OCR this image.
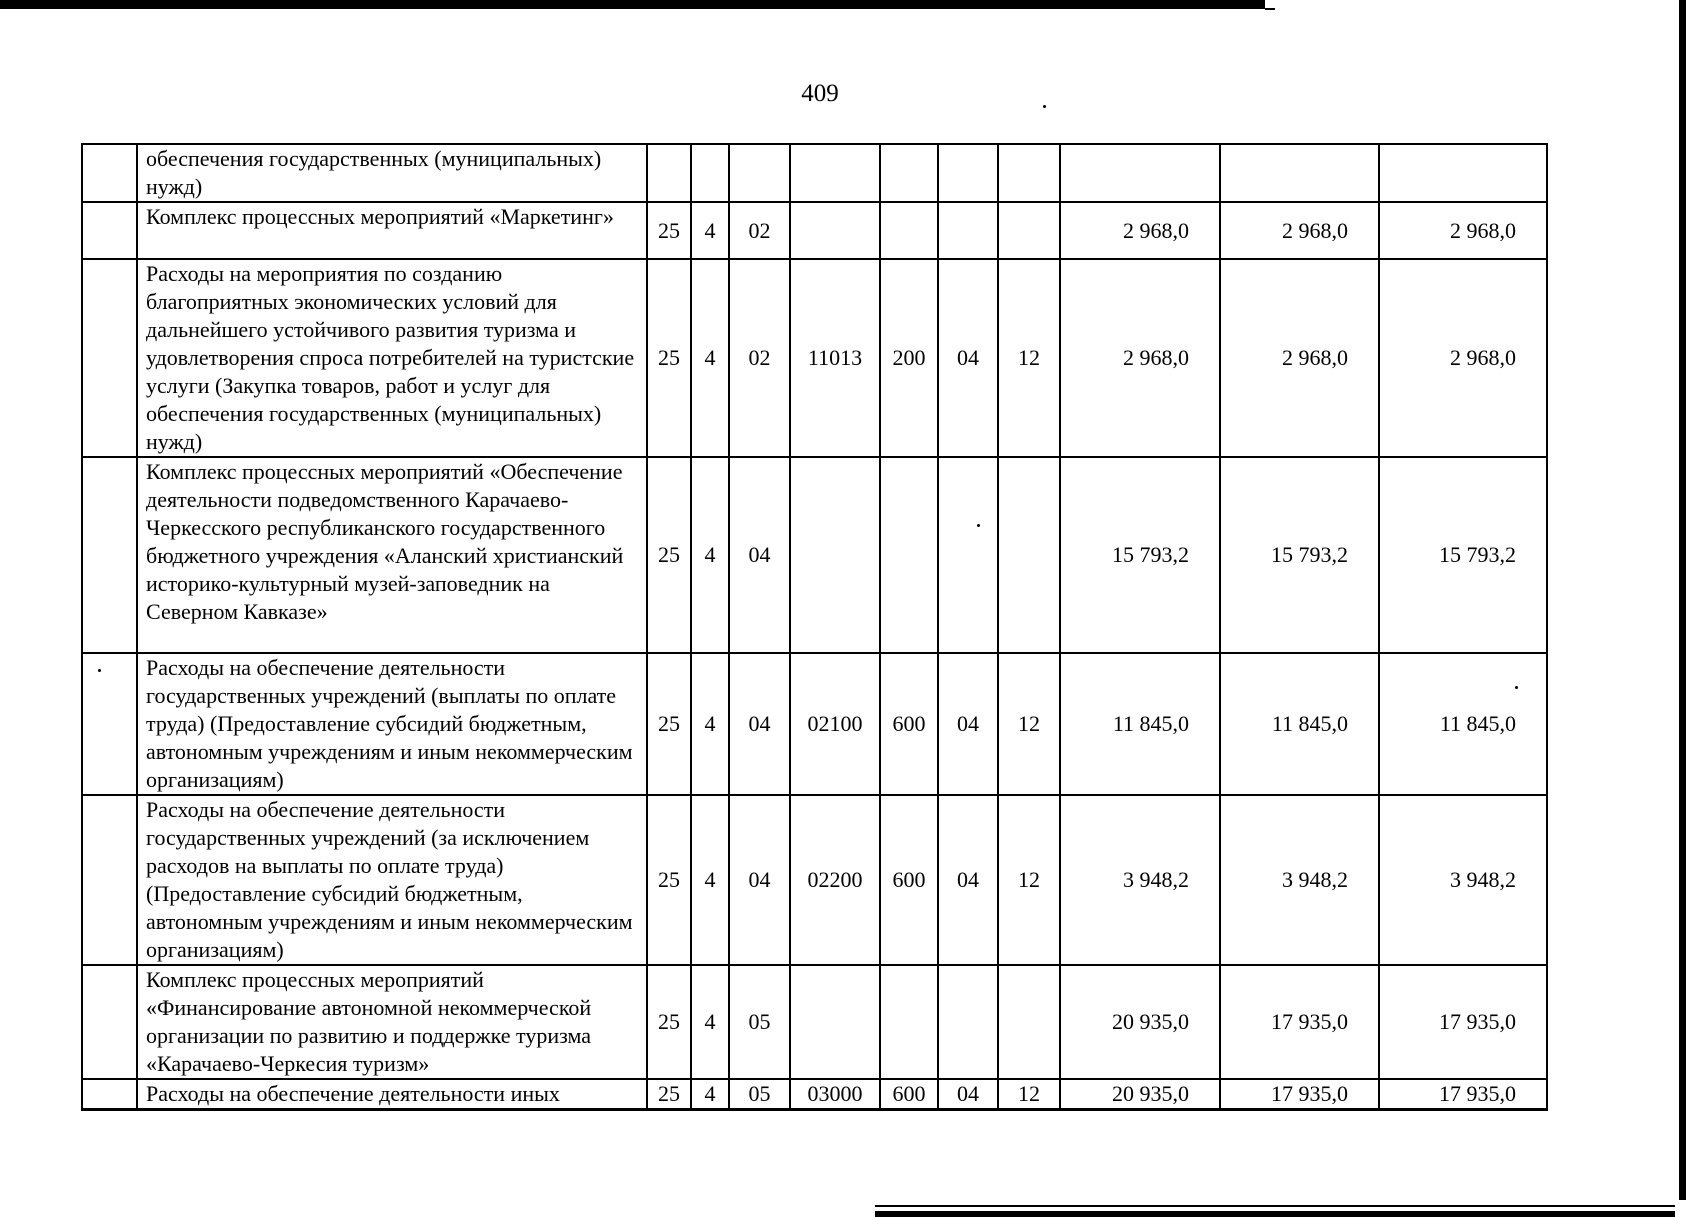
409
	обеспечения государственных (муниципальных) нужд)										
	Комплекс процессных мероприятий «Маркетинг»	25	4	02					2 968,0	2 968,0	2 968,0
	Расходы на мероприятия по созданию благоприятных экономических условий для дальнейшего устойчивого развития туризма и удовлетворения спроса потребителей на туристские услуги (Закупка товаров, работ и услуг для обеспечения государственных (муниципальных) нужд)	25	4	02	11013	200	04	12	2 968,0	2 968,0	2 968,0
	Комплекс процессных мероприятий «Обеспечение деятельности подведомственного Карачаево-Черкесского республиканского государственного бюджетного учреждения «Аланский христианский историко-культурный музей-заповедник на Северном Кавказе»	25	4	04					15 793,2	15 793,2	15 793,2
	Расходы на обеспечение деятельности государственных учреждений (выплаты по оплате труда) (Предоставление субсидий бюджетным, автономным учреждениям и иным некоммерческим организациям)	25	4	04	02100	600	04	12	11 845,0	11 845,0	11 845,0
	Расходы на обеспечение деятельности государственных учреждений (за исключением расходов на выплаты по оплате труда) (Предоставление субсидий бюджетным, автономным учреждениям и иным некоммерческим организациям)	25	4	04	02200	600	04	12	3 948,2	3 948,2	3 948,2
	Комплекс процессных мероприятий «Финансирование автономной некоммерческой организации по развитию и поддержке туризма «Карачаево-Черкесия туризм»	25	4	05					20 935,0	17 935,0	17 935,0
	Расходы на обеспечение деятельности иных	25	4	05	03000	600	04	12	20 935,0	17 935,0	17 935,0
